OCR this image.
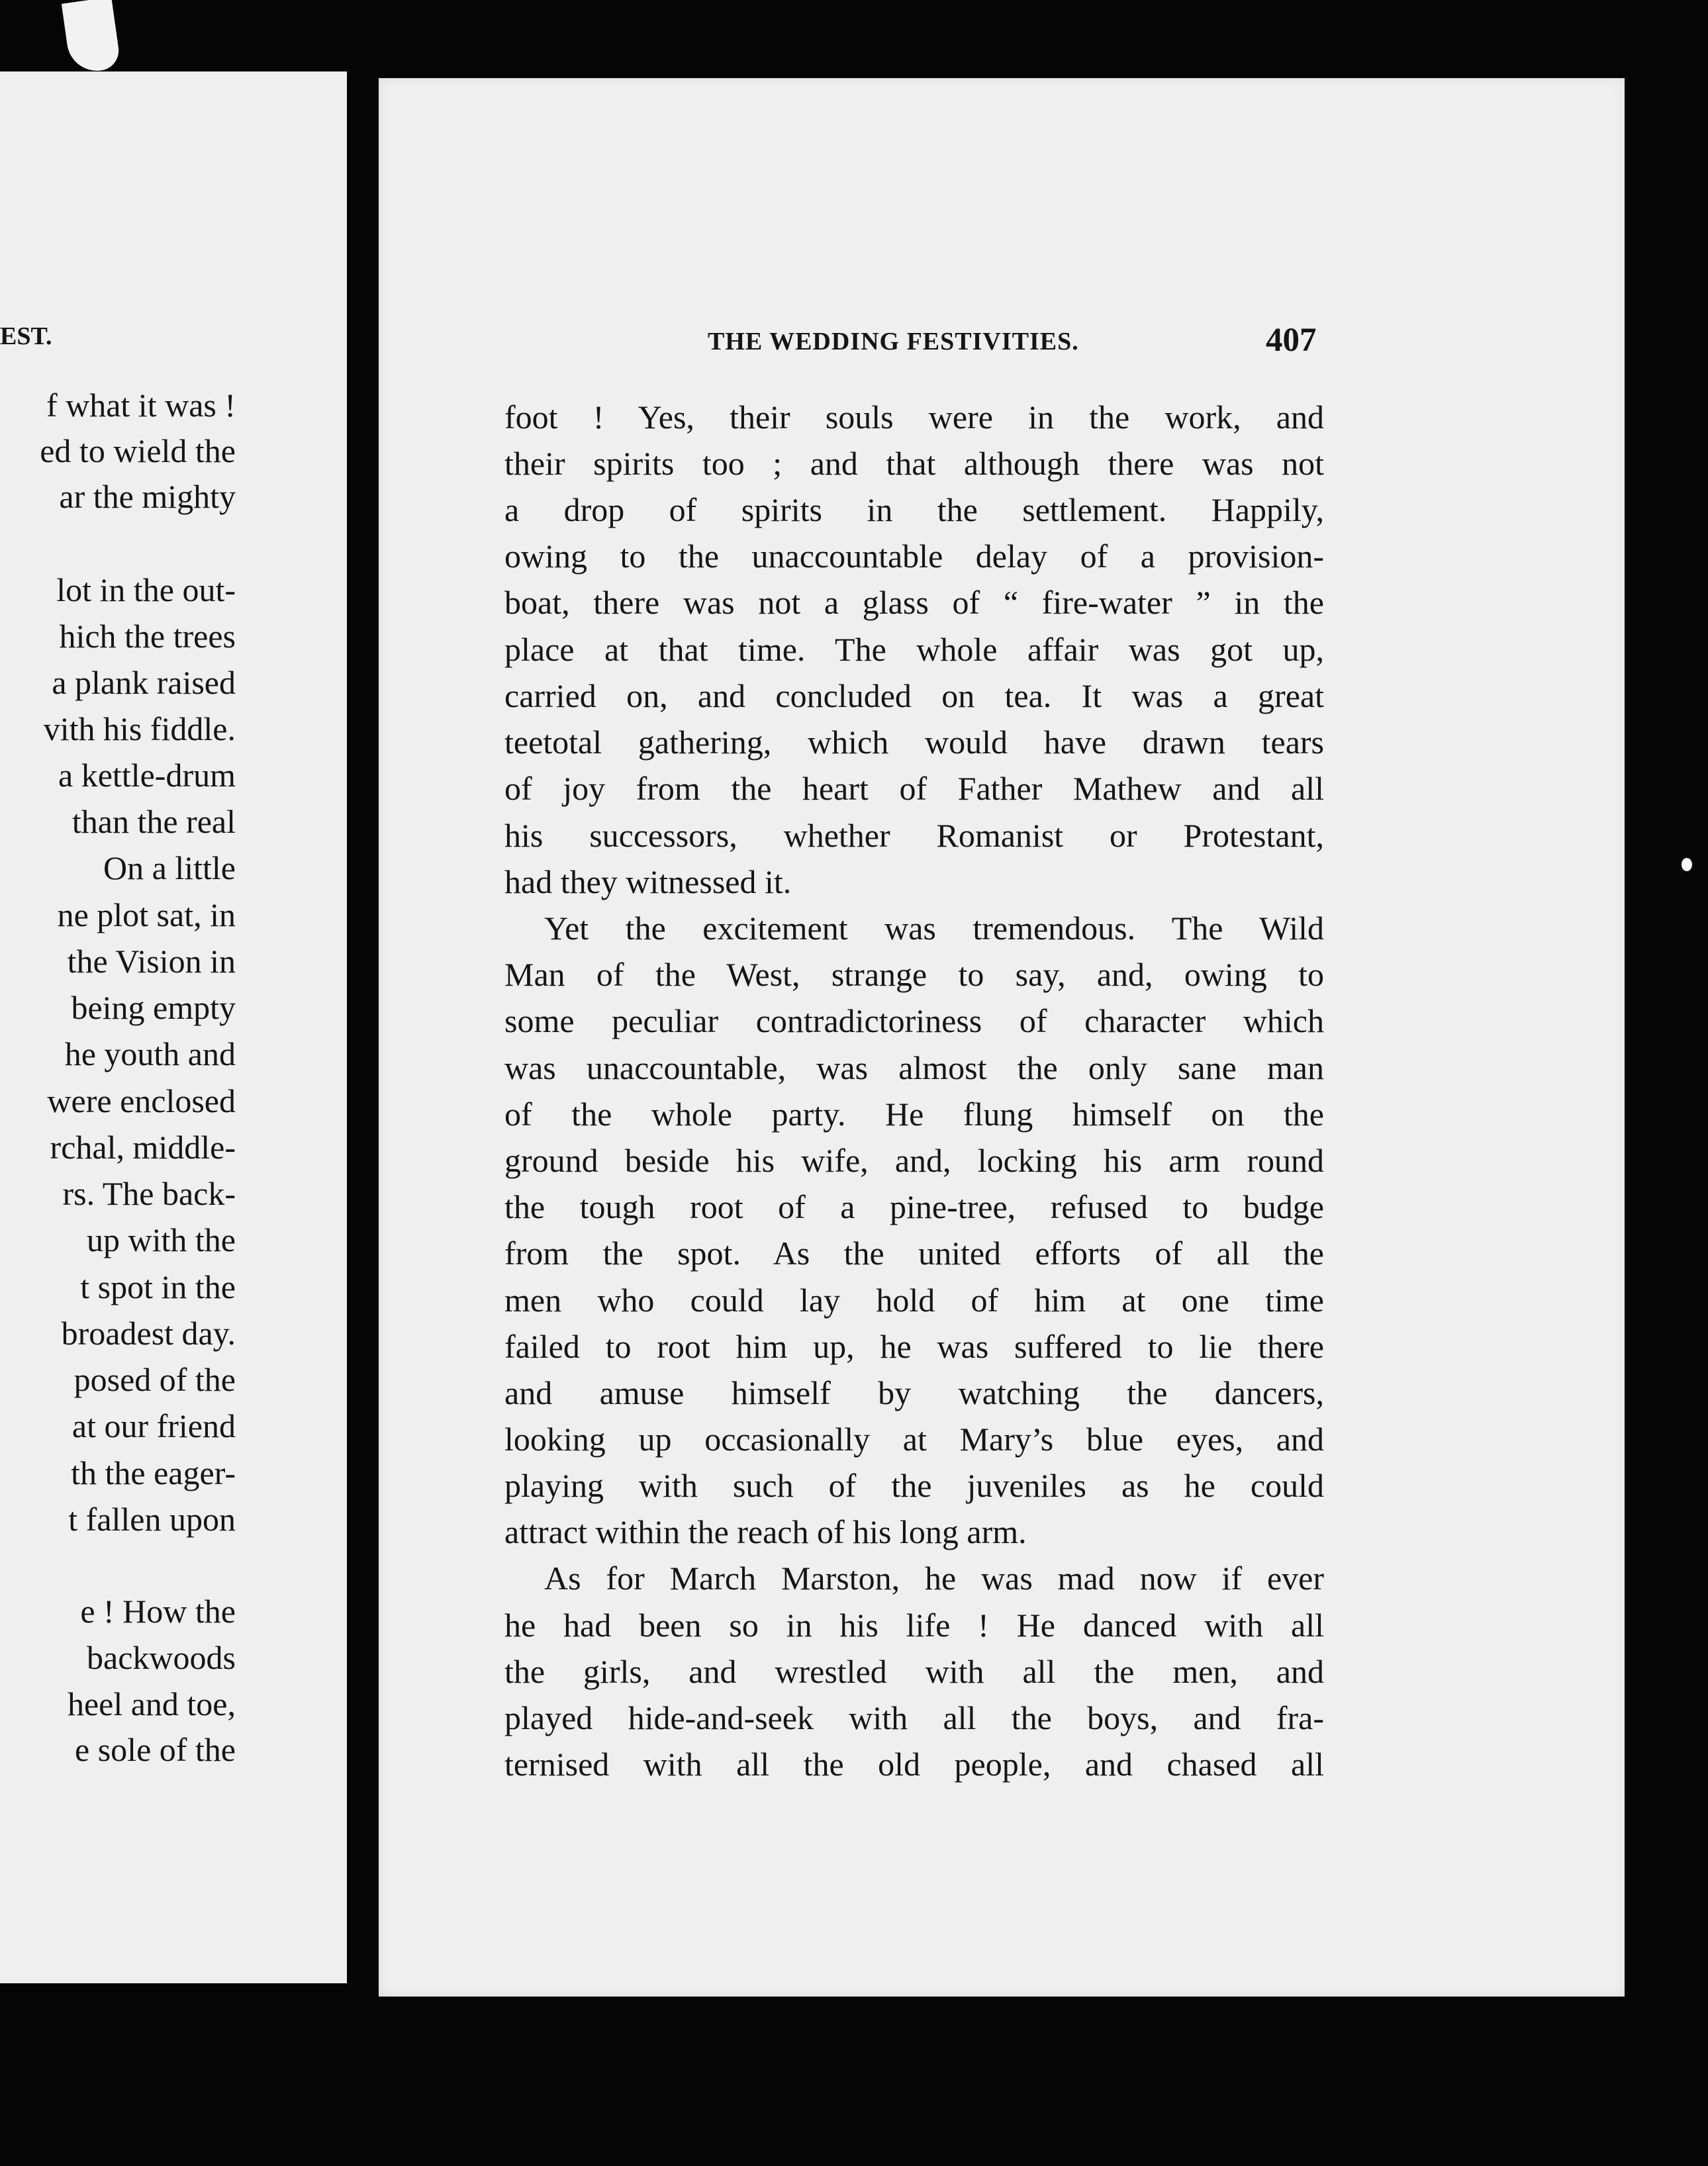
EST.
f what it was !
ed to wield the
ar the mighty
lot in the out-
hich the trees
a plank raised
vith his fiddle.
a kettle-drum
than the real
On a little
ne plot sat, in
the Vision in
being empty
he youth and
were enclosed
rchal, middle-
rs. The back-
up with the
t spot in the
broadest day.
posed of the
at our friend
th the eager-
t fallen upon
e ! How the
backwoods
heel and toe,
e sole of the
THE WEDDING FESTIVITIES.	407
foot ! Yes, their souls were in the work, and
their spirits too ; and that although there was not
a drop of spirits in the settlement. Happily,
owing to the unaccountable delay of a provision-
boat, there was not a glass of “ fire-water ” in the
place at that time. The whole affair was got up,
carried on, and concluded on tea. It was a great
teetotal gathering, which would have drawn tears
of joy from the heart of Father Mathew and all
his successors, whether Romanist or Protestant,
had they witnessed it.
Yet the excitement was tremendous. The Wild
Man of the West, strange to say, and, owing to
some peculiar contradictoriness of character which
was unaccountable, was almost the only sane man
of the whole party. He flung himself on the
ground beside his wife, and, locking his arm round
the tough root of a pine-tree, refused to budge
from the spot. As the united efforts of all the
men who could lay hold of him at one time
failed to root him up, he was suffered to lie there
and amuse himself by watching the dancers,
looking up occasionally at Mary’s blue eyes, and
playing with such of the juveniles as he could
attract within the reach of his long arm.
As for March Marston, he was mad now if ever
he had been so in his life ! He danced with all
the girls, and wrestled with all the men, and
played hide-and-seek with all the boys, and fra-
ternised with all the old people, and chased all
